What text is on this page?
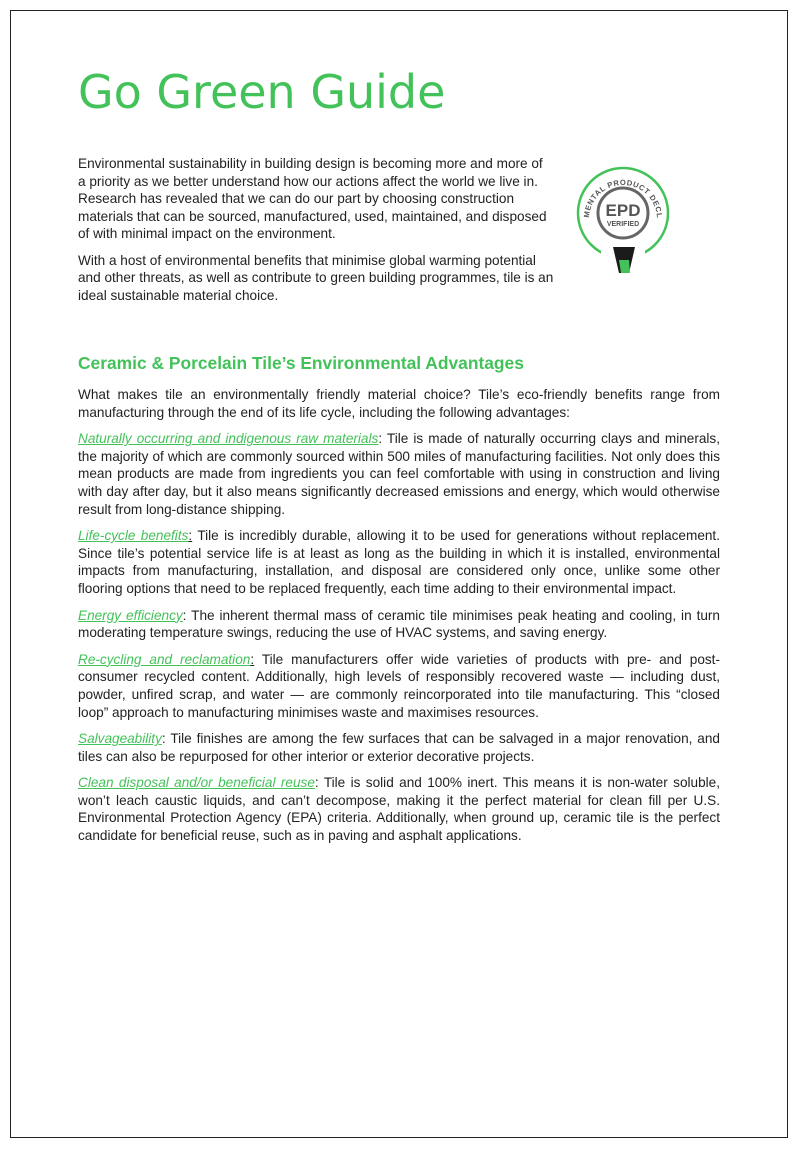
Go Green Guide

Environmental sustainability in building design is becoming more and more of a priority as we better understand how our actions affect the world we live in. Research has revealed that we can do our part by choosing construction materials that can be sourced, manufactured, used, maintained, and disposed of with minimal impact on the environment.

With a host of environmental benefits that minimise global warming potential and other threats, as well as contribute to green building programmes, tile is an ideal sustainable material choice.

MENTAL PRODUCT DECL
EPD
VERIFIED
Ceramic & Porcelain Tile’s Environmental Advantages

What makes tile an environmentally friendly material choice? Tile’s eco-friendly benefits range from manufacturing through the end of its life cycle, including the following advantages:

Naturally occurring and indigenous raw materials: Tile is made of naturally occurring clays and minerals, the majority of which are commonly sourced within 500 miles of manufacturing facilities. Not only does this mean products are made from ingredients you can feel comfortable with using in construction and living with day after day, but it also means significantly decreased emissions and energy, which would otherwise result from long-distance shipping.

Life-cycle benefits: Tile is incredibly durable, allowing it to be used for generations without replacement. Since tile’s potential service life is at least as long as the building in which it is installed, environmental impacts from manufacturing, installation, and disposal are considered only once, unlike some other flooring options that need to be replaced frequently, each time adding to their environmental impact.

Energy efficiency: The inherent thermal mass of ceramic tile minimises peak heating and cooling, in turn moderating temperature swings, reducing the use of HVAC systems, and saving energy.

Re-cycling and reclamation: Tile manufacturers offer wide varieties of products with pre- and post-consumer recycled content. Additionally, high levels of responsibly recovered waste — including dust, powder, unfired scrap, and water — are commonly reincorporated into tile manufacturing. This “closed loop” approach to manufacturing minimises waste and maximises resources.

Salvageability: Tile finishes are among the few surfaces that can be salvaged in a major renovation, and tiles can also be repurposed for other interior or exterior decorative projects.

Clean disposal and/or beneficial reuse: Tile is solid and 100% inert. This means it is non-water soluble, won’t leach caustic liquids, and can’t decompose, making it the perfect material for clean fill per U.S. Environmental Protection Agency (EPA) criteria. Additionally, when ground up, ceramic tile is the perfect candidate for beneficial reuse, such as in paving and asphalt applications.
